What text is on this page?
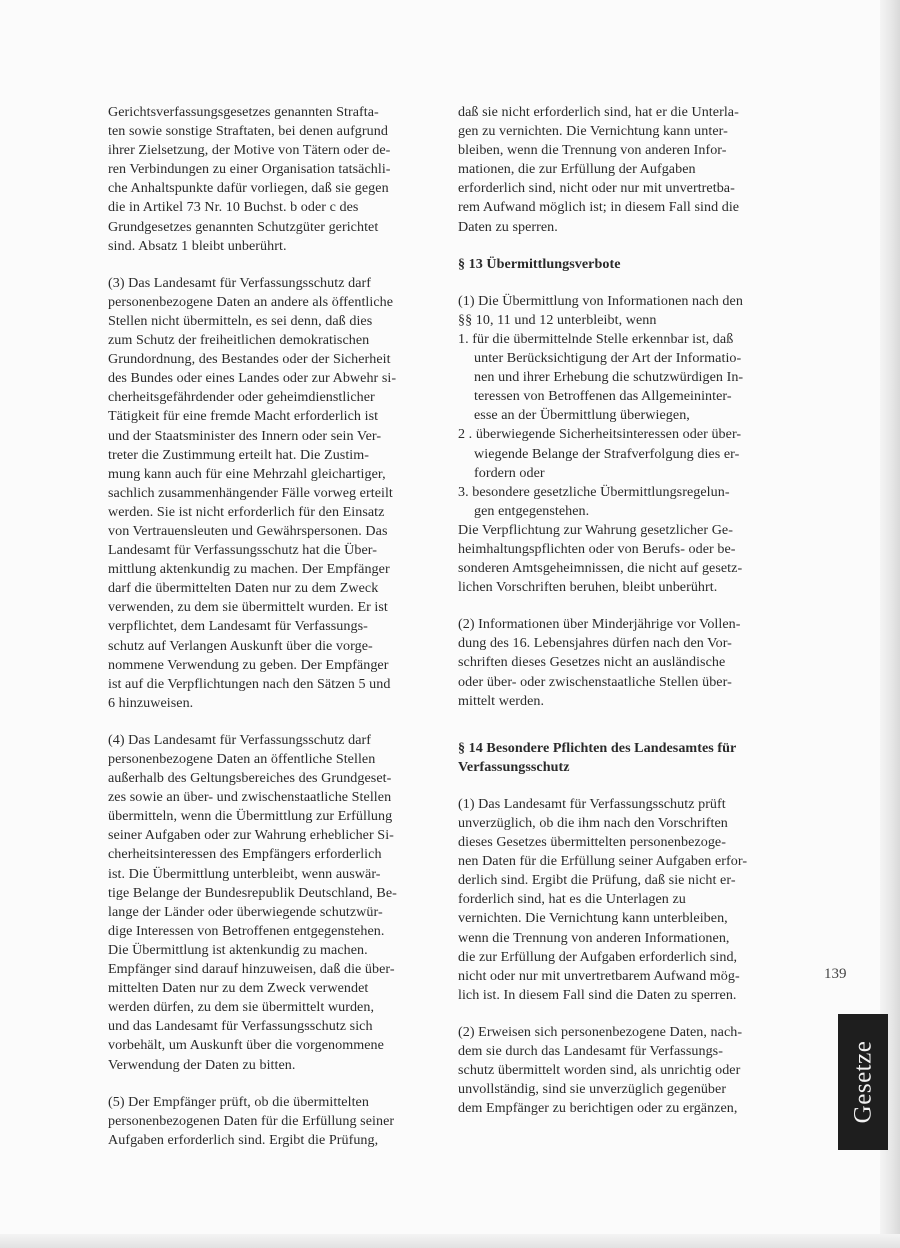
Gerichtsverfassungsgesetzes genannten Strafta-
ten sowie sonstige Straftaten, bei denen aufgrund
ihrer Zielsetzung, der Motive von Tätern oder de-
ren Verbindungen zu einer Organisation tatsächli-
che Anhaltspunkte dafür vorliegen, daß sie gegen
die in Artikel 73 Nr. 10 Buchst. b oder c des
Grundgesetzes genannten Schutzgüter gerichtet
sind. Absatz 1 bleibt unberührt.
(3) Das Landesamt für Verfassungsschutz darf
personenbezogene Daten an andere als öffentliche
Stellen nicht übermitteln, es sei denn, daß dies
zum Schutz der freiheitlichen demokratischen
Grundordnung, des Bestandes oder der Sicherheit
des Bundes oder eines Landes oder zur Abwehr si-
cherheitsgefährdender oder geheimdienstlicher
Tätigkeit für eine fremde Macht erforderlich ist
und der Staatsminister des Innern oder sein Ver-
treter die Zustimmung erteilt hat. Die Zustim-
mung kann auch für eine Mehrzahl gleichartiger,
sachlich zusammenhängender Fälle vorweg erteilt
werden. Sie ist nicht erforderlich für den Einsatz
von Vertrauensleuten und Gewährspersonen. Das
Landesamt für Verfassungsschutz hat die Über-
mittlung aktenkundig zu machen. Der Empfänger
darf die übermittelten Daten nur zu dem Zweck
verwenden, zu dem sie übermittelt wurden. Er ist
verpflichtet, dem Landesamt für Verfassungs-
schutz auf Verlangen Auskunft über die vorge-
nommene Verwendung zu geben. Der Empfänger
ist auf die Verpflichtungen nach den Sätzen 5 und
6 hinzuweisen.
(4) Das Landesamt für Verfassungsschutz darf
personenbezogene Daten an öffentliche Stellen
außerhalb des Geltungsbereiches des Grundgeset-
zes sowie an über- und zwischenstaatliche Stellen
übermitteln, wenn die Übermittlung zur Erfüllung
seiner Aufgaben oder zur Wahrung erheblicher Si-
cherheitsinteressen des Empfängers erforderlich
ist. Die Übermittlung unterbleibt, wenn auswär-
tige Belange der Bundesrepublik Deutschland, Be-
lange der Länder oder überwiegende schutzwür-
dige Interessen von Betroffenen entgegenstehen.
Die Übermittlung ist aktenkundig zu machen.
Empfänger sind darauf hinzuweisen, daß die über-
mittelten Daten nur zu dem Zweck verwendet
werden dürfen, zu dem sie übermittelt wurden,
und das Landesamt für Verfassungsschutz sich
vorbehält, um Auskunft über die vorgenommene
Verwendung der Daten zu bitten.
(5) Der Empfänger prüft, ob die übermittelten
personenbezogenen Daten für die Erfüllung seiner
Aufgaben erforderlich sind. Ergibt die Prüfung,
daß sie nicht erforderlich sind, hat er die Unterla-
gen zu vernichten. Die Vernichtung kann unter-
bleiben, wenn die Trennung von anderen Infor-
mationen, die zur Erfüllung der Aufgaben
erforderlich sind, nicht oder nur mit unvertretba-
rem Aufwand möglich ist; in diesem Fall sind die
Daten zu sperren.
§ 13 Übermittlungsverbote
(1) Die Übermittlung von Informationen nach den
§§ 10, 11 und 12 unterbleibt, wenn
1. für die übermittelnde Stelle erkennbar ist, daß
unter Berücksichtigung der Art der Informatio-
nen und ihrer Erhebung die schutzwürdigen In-
teressen von Betroffenen das Allgemeininter-
esse an der Übermittlung überwiegen,
2 . überwiegende Sicherheitsinteressen oder über-
wiegende Belange der Strafverfolgung dies er-
fordern oder
3. besondere gesetzliche Übermittlungsregelun-
gen entgegenstehen.
Die Verpflichtung zur Wahrung gesetzlicher Ge-
heimhaltungspflichten oder von Berufs- oder be-
sonderen Amtsgeheimnissen, die nicht auf gesetz-
lichen Vorschriften beruhen, bleibt unberührt.
(2) Informationen über Minderjährige vor Vollen-
dung des 16. Lebensjahres dürfen nach den Vor-
schriften dieses Gesetzes nicht an ausländische
oder über- oder zwischenstaatliche Stellen über-
mittelt werden.
§ 14 Besondere Pflichten des Landesamtes für
Verfassungsschutz
(1) Das Landesamt für Verfassungsschutz prüft
unverzüglich, ob die ihm nach den Vorschriften
dieses Gesetzes übermittelten personenbezoge-
nen Daten für die Erfüllung seiner Aufgaben erfor-
derlich sind. Ergibt die Prüfung, daß sie nicht er-
forderlich sind, hat es die Unterlagen zu
vernichten. Die Vernichtung kann unterbleiben,
wenn die Trennung von anderen Informationen,
die zur Erfüllung der Aufgaben erforderlich sind,
nicht oder nur mit unvertretbarem Aufwand mög-
lich ist. In diesem Fall sind die Daten zu sperren.
(2) Erweisen sich personenbezogene Daten, nach-
dem sie durch das Landesamt für Verfassungs-
schutz übermittelt worden sind, als unrichtig oder
unvollständig, sind sie unverzüglich gegenüber
dem Empfänger zu berichtigen oder zu ergänzen,
139
Gesetze
